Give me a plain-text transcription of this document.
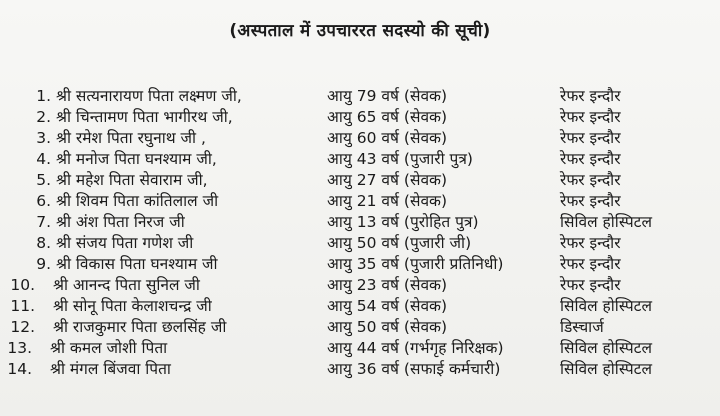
(अस्पताल में उपचाररत सदस्यो की सूची)
1. श्री सत्यनारायण पिता लक्ष्मण जी,	आयु 79 वर्ष (सेवक)	रेफर इन्दौर
2. श्री चिन्तामण पिता भागीरथ जी,	आयु 65 वर्ष (सेवक)	रेफर इन्दौर
3. श्री रमेश पिता रघुनाथ जी ,	आयु 60 वर्ष (सेवक)	रेफर इन्दौर
4. श्री मनोज पिता घनश्याम जी,	आयु 43 वर्ष (पुजारी पुत्र)	रेफर इन्दौर
5. श्री महेश पिता सेवाराम जी,	आयु 27 वर्ष (सेवक)	रेफर इन्दौर
6. श्री शिवम पिता कांतिलाल जी	आयु 21 वर्ष (सेवक)	रेफर इन्दौर
7. श्री अंश पिता निरज जी	आयु 13 वर्ष (पुरोहित पुत्र)	सिविल होस्पिटल
8. श्री संजय पिता गणेश जी	आयु 50 वर्ष (पुजारी जी)	रेफर इन्दौर
9. श्री विकास पिता घनश्याम जी	आयु 35 वर्ष (पुजारी प्रतिनिधी)	रेफर इन्दौर
10. श्री आनन्द पिता सुनिल जी	आयु 23 वर्ष (सेवक)	रेफर इन्दौर
11. श्री सोनू पिता केलाशचन्द्र जी	आयु 54 वर्ष (सेवक)	सिविल होस्पिटल
12. श्री राजकुमार पिता छलसिंह जी	आयु 50 वर्ष (सेवक)	डिस्चार्ज
13. श्री कमल जोशी पिता	आयु 44 वर्ष (गर्भगृह निरिक्षक)	सिविल होस्पिटल
14. श्री मंगल बिंजवा पिता	आयु 36 वर्ष (सफाई कर्मचारी)	सिविल होस्पिटल
